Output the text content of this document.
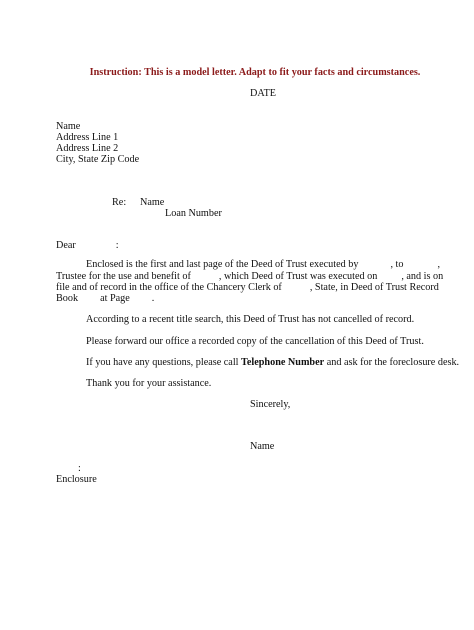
Instruction: This is a model letter. Adapt to fit your facts and circumstances.
DATE
Name
Address Line 1
Address Line 2
City, State Zip Code
Re: Name
Loan Number
Dear	:
Enclosed is the first and last page of the Deed of Trust executed by	, to	,
Trustee for the use and benefit of	, which Deed of Trust was executed on , and is on
file and of record in the office of the Chancery Clerk of	, State, in Deed of Trust Record
Book at Page .
According to a recent title search, this Deed of Trust has not cancelled of record.
Please forward our office a recorded copy of the cancellation of this Deed of Trust.
If you have any questions, please call Telephone Number and ask for the foreclosure desk.
Thank you for your assistance.
Sincerely,
Name
:
Enclosure
